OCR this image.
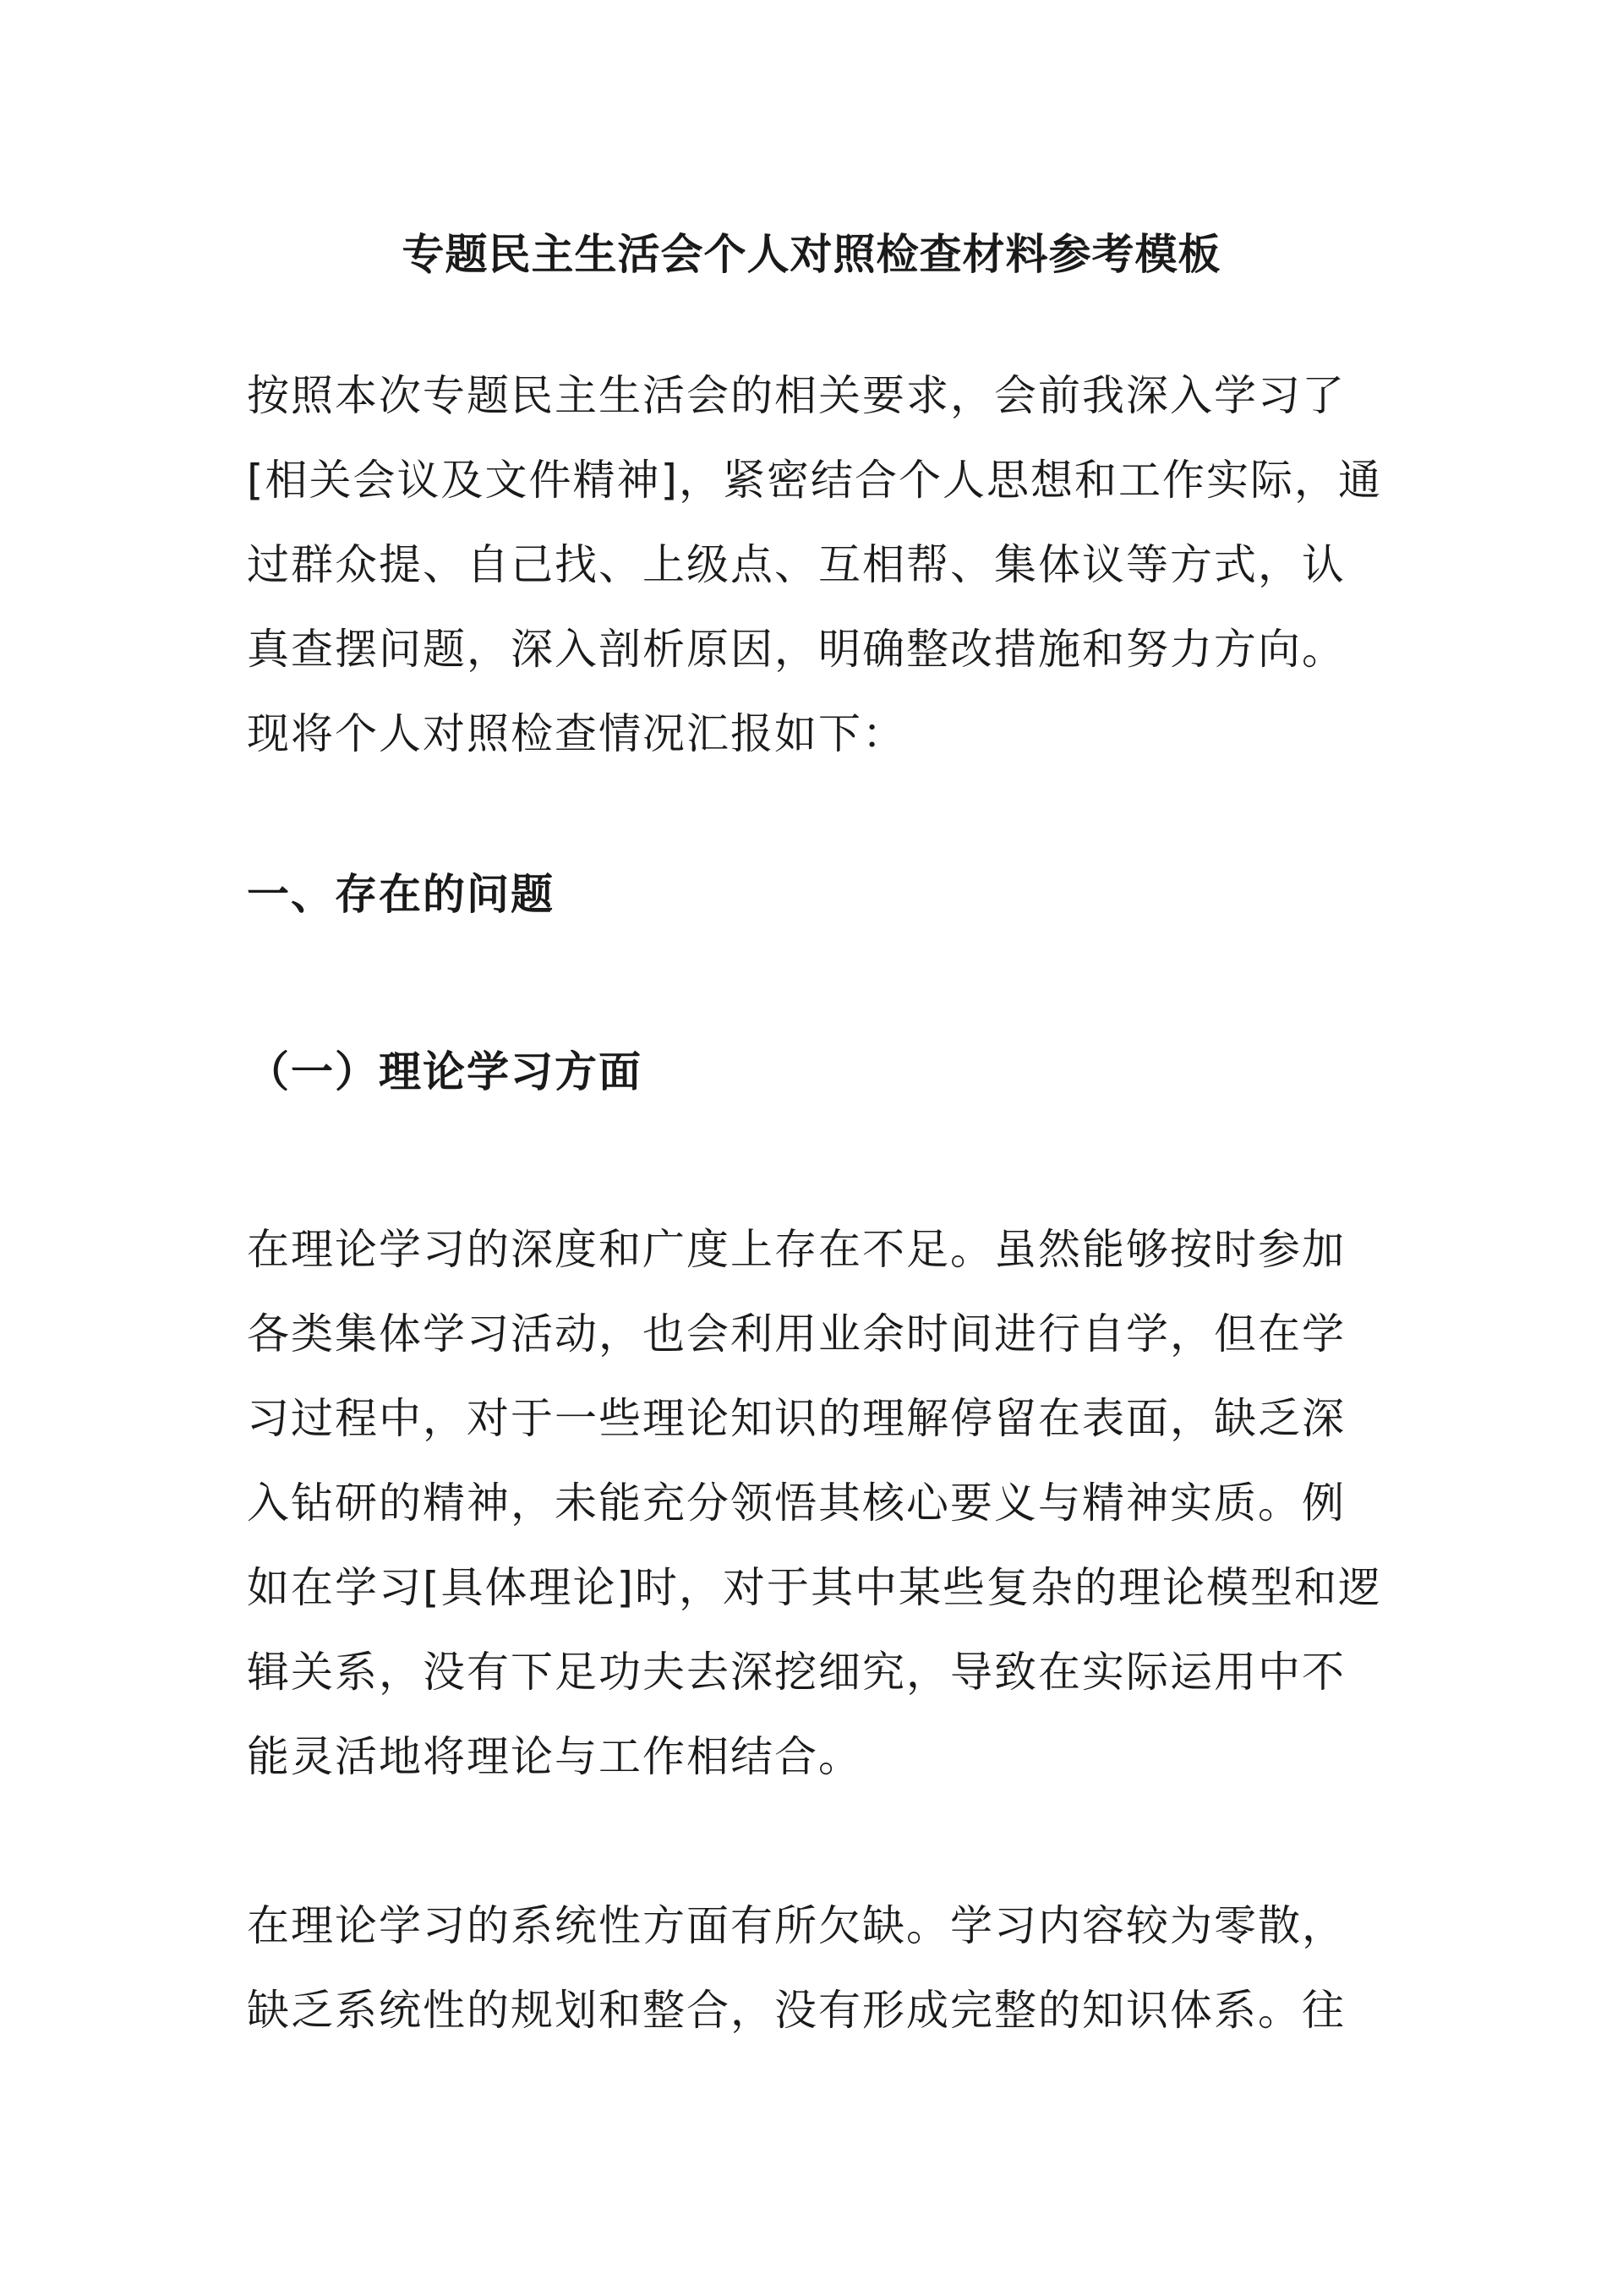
专题民主生活会个人对照检查材料参考模板
按照本次专题民主生活会的相关要求，会前我深入学习了
[相关会议及文件精神]，紧密结合个人思想和工作实际，通
过群众提、自己找、上级点、互相帮、集体议等方式，认
真查摆问题，深入剖析原因，明确整改措施和努力方向。
现将个人对照检查情况汇报如下：
一、存在的问题
（一）理论学习方面
在理论学习的深度和广度上存在不足。虽然能够按时参加
各类集体学习活动，也会利用业余时间进行自学，但在学
习过程中，对于一些理论知识的理解停留在表面，缺乏深
入钻研的精神，未能充分领悟其核心要义与精神实质。例
如在学习[具体理论]时，对于其中某些复杂的理论模型和逻
辑关系，没有下足功夫去深挖细究，导致在实际运用中不
能灵活地将理论与工作相结合。
在理论学习的系统性方面有所欠缺。学习内容较为零散，
缺乏系统性的规划和整合，没有形成完整的知识体系。往
